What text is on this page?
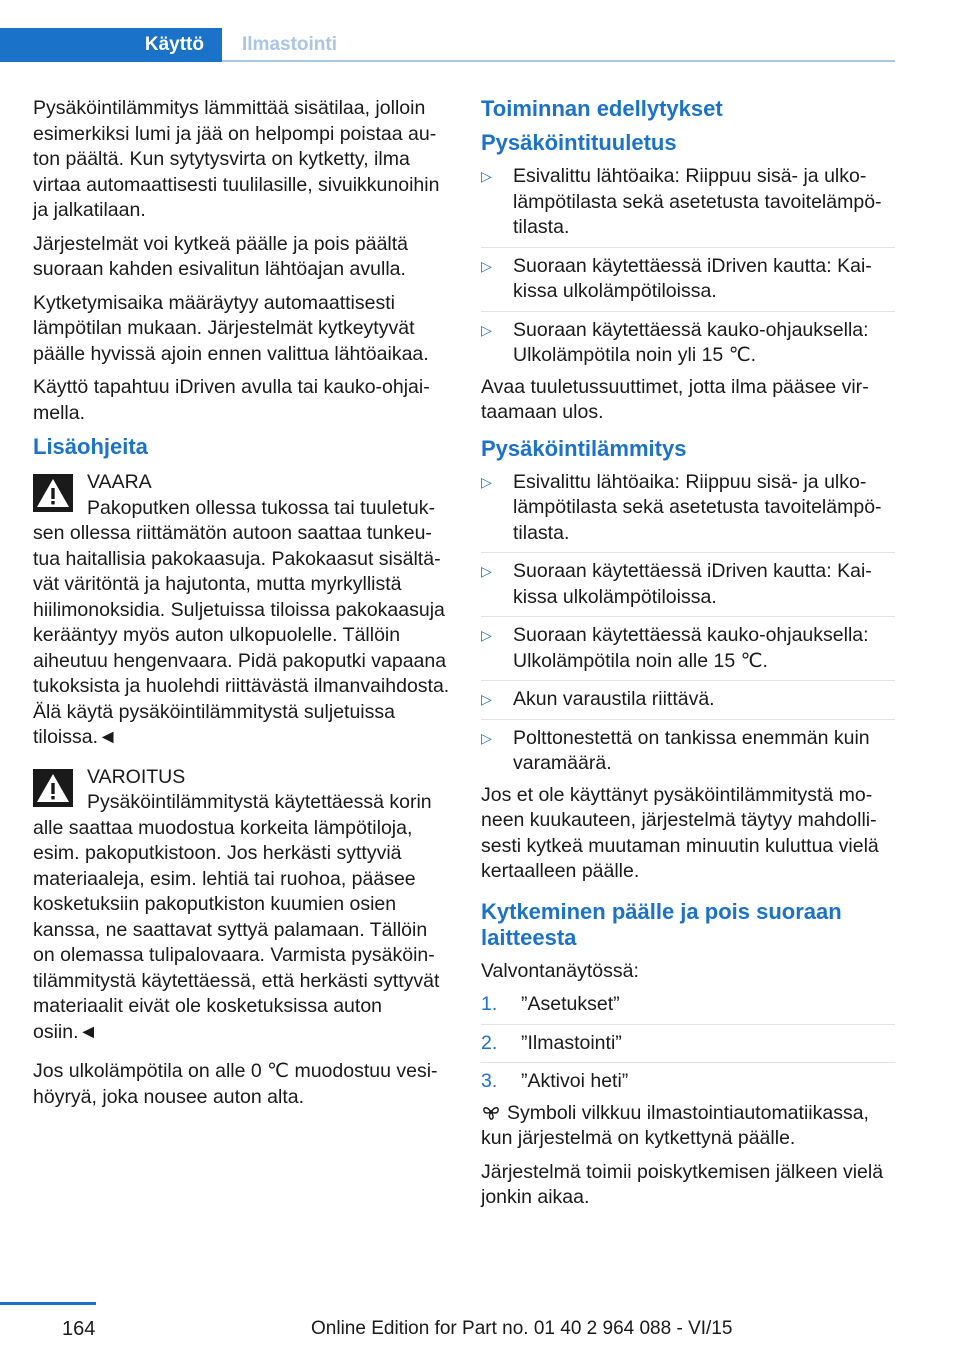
Käyttö	Ilmastointi

Pysäköintilämmitys lämmittää sisätilaa, jolloin esimerkiksi lumi ja jää on helpompi poistaa auton päältä. Kun sytytysvirta on kytketty, ilma virtaa automaattisesti tuulilasille, sivuikkunoihin ja jalkatilaan.

Järjestelmät voi kytkeä päälle ja pois päältä suoraan kahden esivalitun lähtöajan avulla.

Kytketymisaika määräytyy automaattisesti lämpötilan mukaan. Järjestelmät kytkeytyvät päälle hyvissä ajoin ennen valittua lähtöaikaa.

Käyttö tapahtuu iDriven avulla tai kauko-ohjaimella.

Lisäohjeita
VAARA
Pakoputken ollessa tukossa tai tuuletuksen ollessa riittämätön autoon saattaa tunkeutua haitallisia pakokaasuja. Pakokaasut sisältävät väritöntä ja hajutonta, mutta myrkyllistä hiilimonoksidia. Suljetuissa tiloissa pakokaasuja kerääntyy myös auton ulkopuolelle. Tällöin aiheutuu hengenvaara. Pidä pakoputki vapaana tukoksista ja huolehdi riittävästä ilmanvaihdosta. Älä käytä pysäköintilämmitystä suljetuissa tiloissa.◄
VAROITUS
Pysäköintilämmitystä käytettäessä korin alle saattaa muodostua korkeita lämpötiloja, esim. pakoputkistoon. Jos herkästi syttyviä materiaaleja, esim. lehtiä tai ruohoa, pääsee kosketuksiin pakoputkiston kuumien osien kanssa, ne saattavat syttyä palamaan. Tällöin on olemassa tulipalovaara. Varmista pysäköintilämmitystä käytettäessä, että herkästi syttyvät materiaalit eivät ole kosketuksissa auton osiin.◄

Jos ulkolämpötila on alle 0 ℃ muodostuu vesihöyryä, joka nousee auton alta.

Toiminnan edellytykset
Pysäköintituuletus
▷	Esivalittu lähtöaika: Riippuu sisä- ja ulkolämpötilasta sekä asetetusta tavoitelämpötilasta.
▷	Suoraan käytettäessä iDriven kautta: Kaikissa ulkolämpötiloissa.
▷	Suoraan käytettäessä kauko-ohjauksella: Ulkolämpötila noin yli 15 ℃.

Avaa tuuletussuuttimet, jotta ilma pääsee virtaamaan ulos.

Pysäköintilämmitys
▷	Esivalittu lähtöaika: Riippuu sisä- ja ulkolämpötilasta sekä asetetusta tavoitelämpötilasta.
▷	Suoraan käytettäessä iDriven kautta: Kaikissa ulkolämpötiloissa.
▷	Suoraan käytettäessä kauko-ohjauksella: Ulkolämpötila noin alle 15 ℃.
▷	Akun varaustila riittävä.
▷	Polttonestettä on tankissa enemmän kuin varamäärä.

Jos et ole käyttänyt pysäköintilämmitystä moneen kuukauteen, järjestelmä täytyy mahdollisesti kytkeä muutaman minuutin kuluttua vielä kertaalleen päälle.

Kytkeminen päälle ja pois suoraan laitteesta

Valvontanäytössä:

1. ”Asetukset”
2. ”Ilmastointi”
3. ”Aktivoi heti”

Symboli vilkkuu ilmastointiautomatiikassa, kun järjestelmä on kytkettynä päälle.

Järjestelmä toimii poiskytkemisen jälkeen vielä jonkin aikaa.

164	Online Edition for Part no. 01 40 2 964 088 - VI/15
